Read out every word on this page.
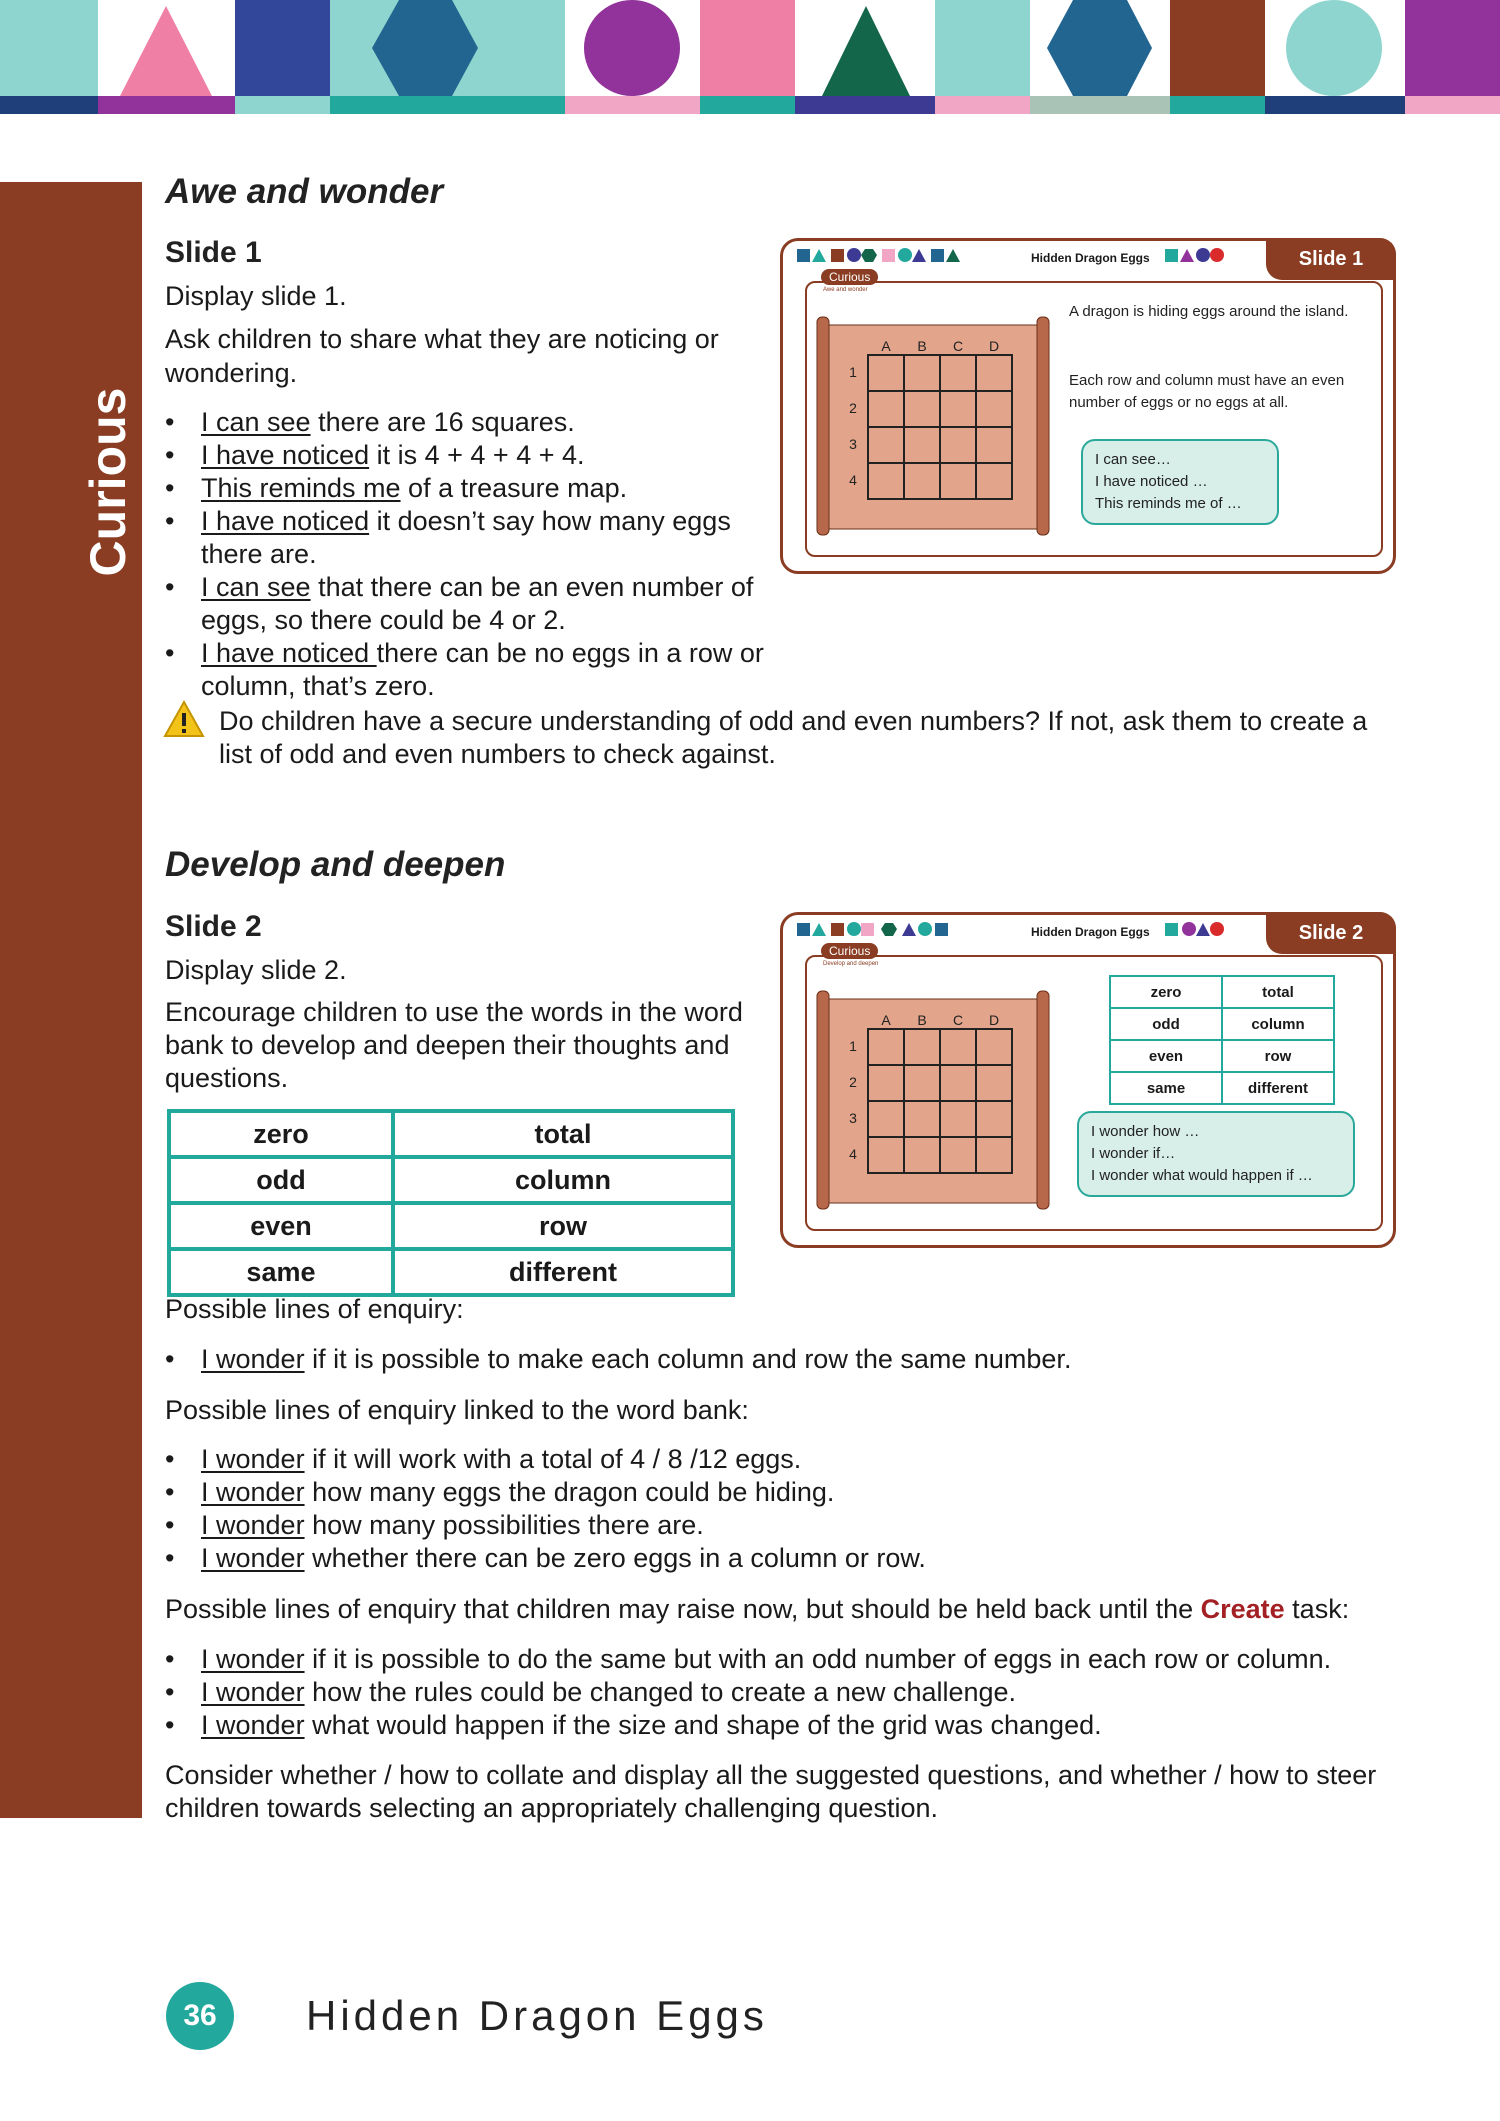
Curious
Awe and wonder
Slide 1
Display slide 1.
Ask children to share what they are noticing or wondering.
• I can see there are 16 squares.
• I have noticed it is 4 + 4 + 4 + 4.
• This reminds me of a treasure map.
• I have noticed it doesn’t say how many eggs there are.
• I can see that there can be an even number of eggs, so there could be 4 or 2.
• I have noticed there can be no eggs in a row or column, that’s zero.
Do children have a secure understanding of odd and even numbers? If not, ask them to create a list of odd and even numbers to check against.
Hidden Dragon Eggs	Slide 1
Curious
Awe and wonder
A B C D
1
2
3
4
A dragon is hiding eggs around the island.
Each row and column must have an even number of eggs or no eggs at all.
I can see…
I have noticed …
This reminds me of …
Develop and deepen
Slide 2
Display slide 2.
Encourage children to use the words in the word bank to develop and deepen their thoughts and questions.
zero	total
odd	column
even	row
same	different
Hidden Dragon Eggs	Slide 2
Curious
Develop and deepen
A B C D
1
2
3
4
zero	total
odd	column
even	row
same	different
I wonder how …
I wonder if…
I wonder what would happen if …
Possible lines of enquiry:
• I wonder if it is possible to make each column and row the same number.
Possible lines of enquiry linked to the word bank:
• I wonder if it will work with a total of 4 / 8 /12 eggs.
• I wonder how many eggs the dragon could be hiding.
• I wonder how many possibilities there are.
• I wonder whether there can be zero eggs in a column or row.
Possible lines of enquiry that children may raise now, but should be held back until the Create task:
• I wonder if it is possible to do the same but with an odd number of eggs in each row or column.
• I wonder how the rules could be changed to create a new challenge.
• I wonder what would happen if the size and shape of the grid was changed.
Consider whether / how to collate and display all the suggested questions, and whether / how to steer children towards selecting an appropriately challenging question.
36	Hidden Dragon Eggs
